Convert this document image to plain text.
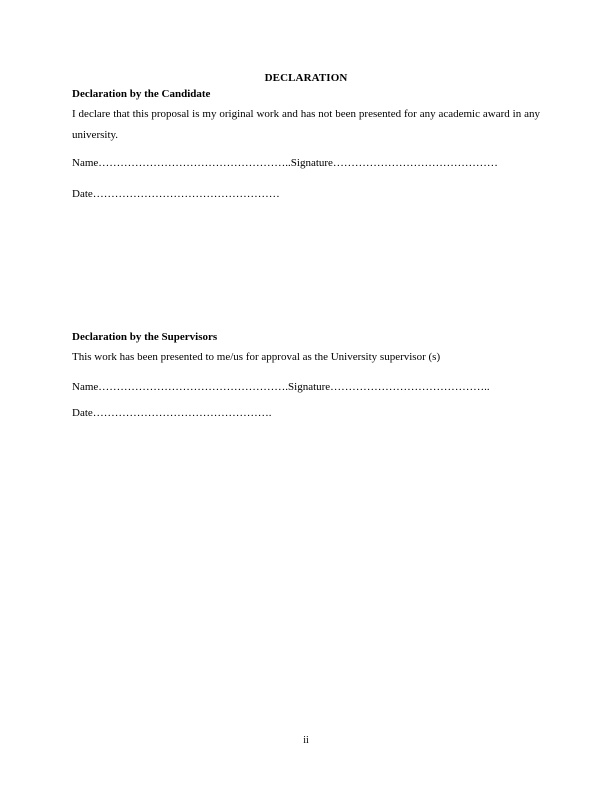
DECLARATION
Declaration by the Candidate
I declare that this proposal is my original work and has not been presented for any academic award in any university.
Name……………………………………………..Signature………………………………………
Date……………………………………………
Declaration by the Supervisors
This work has been presented to me/us for approval as the University supervisor (s)
Name…………………………………………….Signature……………………………………..
Date………………………………………….
ii
